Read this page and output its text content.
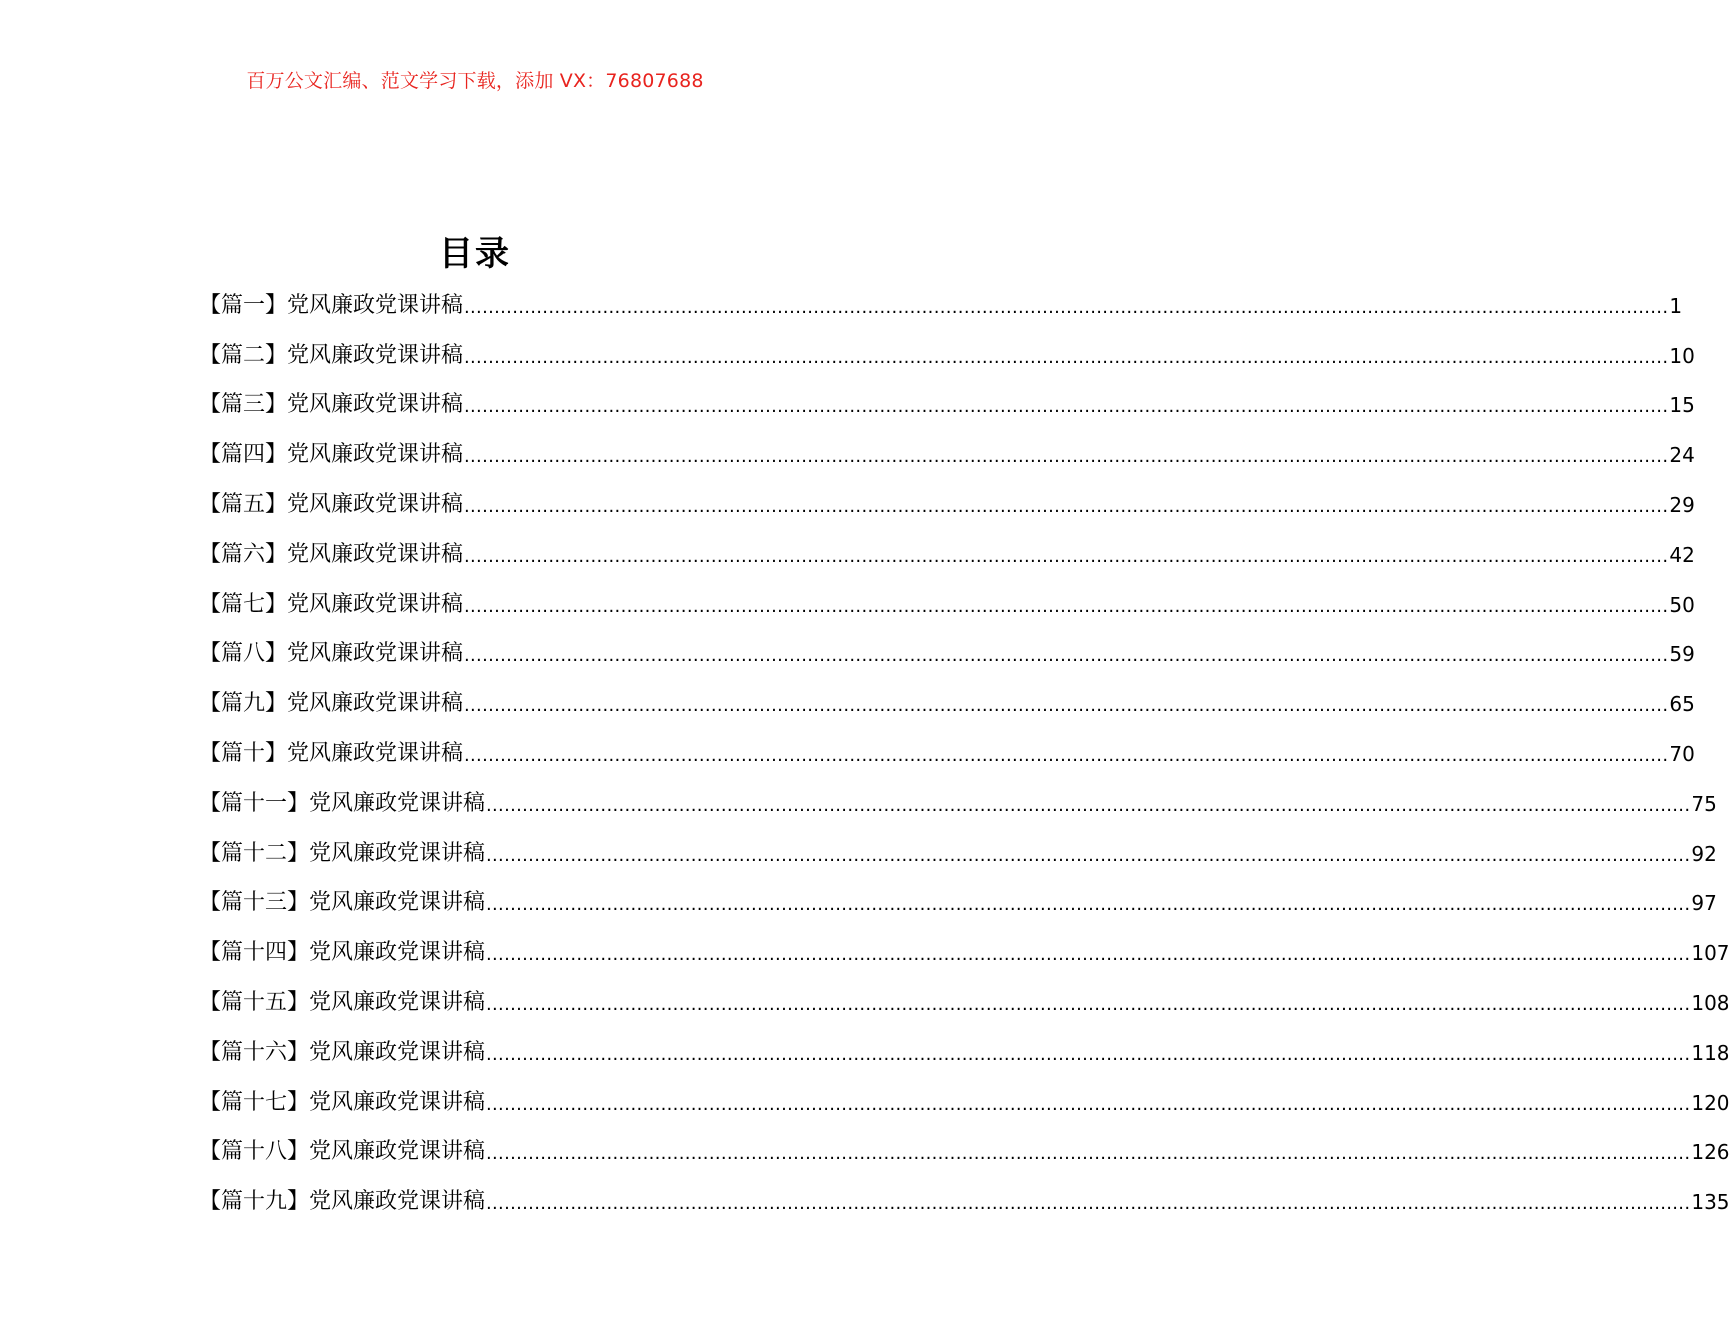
百万公文汇编、范文学习下载，添加 VX：76807688
目录
【篇一】党风廉政党课讲稿 ........................................................................................................................................................................................................ 1
【篇二】党风廉政党课讲稿 ........................................................................................................................................................................................................ 10
【篇三】党风廉政党课讲稿 ........................................................................................................................................................................................................ 15
【篇四】党风廉政党课讲稿 ........................................................................................................................................................................................................ 24
【篇五】党风廉政党课讲稿 ........................................................................................................................................................................................................ 29
【篇六】党风廉政党课讲稿 ........................................................................................................................................................................................................ 42
【篇七】党风廉政党课讲稿 ........................................................................................................................................................................................................ 50
【篇八】党风廉政党课讲稿 ........................................................................................................................................................................................................ 59
【篇九】党风廉政党课讲稿 ........................................................................................................................................................................................................ 65
【篇十】党风廉政党课讲稿 ........................................................................................................................................................................................................ 70
【篇十一】党风廉政党课讲稿 ........................................................................................................................................................................................................ 75
【篇十二】党风廉政党课讲稿 ........................................................................................................................................................................................................ 92
【篇十三】党风廉政党课讲稿 ........................................................................................................................................................................................................ 97
【篇十四】党风廉政党课讲稿 ........................................................................................................................................................................................................ 107
【篇十五】党风廉政党课讲稿 ........................................................................................................................................................................................................ 108
【篇十六】党风廉政党课讲稿 ........................................................................................................................................................................................................ 118
【篇十七】党风廉政党课讲稿 ........................................................................................................................................................................................................ 120
【篇十八】党风廉政党课讲稿 ........................................................................................................................................................................................................ 126
【篇十九】党风廉政党课讲稿 ........................................................................................................................................................................................................ 135
